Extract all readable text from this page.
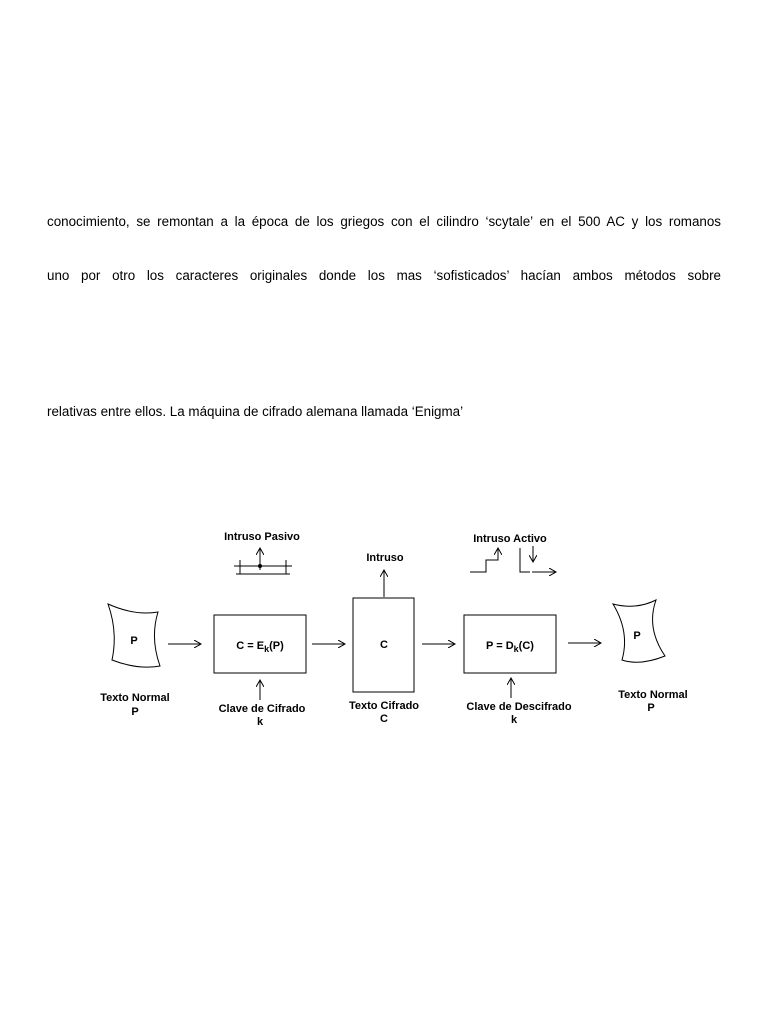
conocimiento, se remontan a la época de los griegos con el cilindro ‘scytale’ en el 500 AC y los romanos
uno por otro los caracteres originales donde los mas ‘sofisticados’ hacían ambos métodos sobre
relativas entre ellos. La máquina de cifrado alemana llamada ‘Enigma’
Intruso Pasivo
Intruso
Intruso Activo
P
Texto Normal
P
$C = E_k(P)$
Clave de Cifrado
k
C
Texto Cifrado
C
$P = D_k(C)$
Clave de Descifrado
k
P
Texto Normal
P
